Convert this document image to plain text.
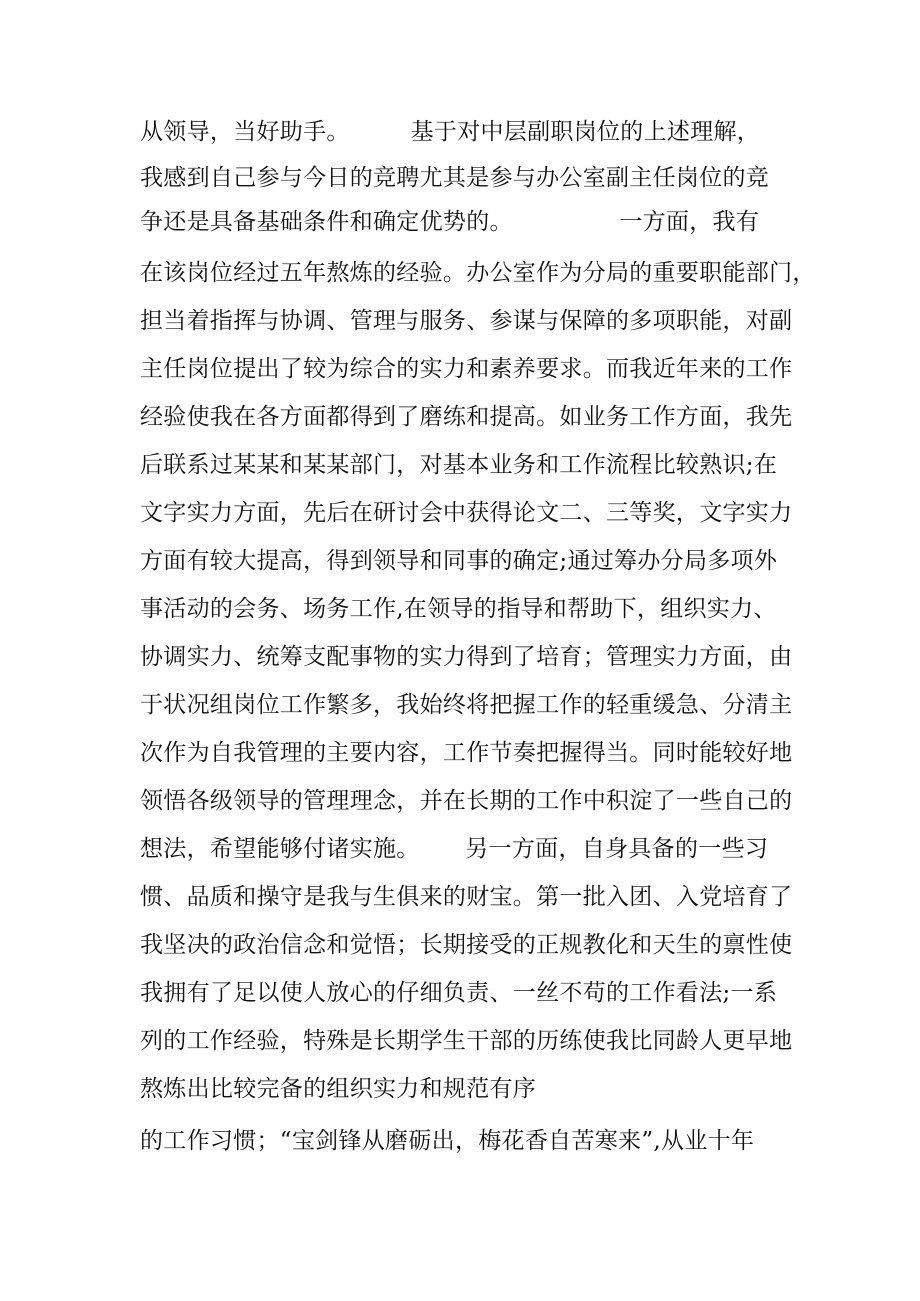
从领导，当好助手。        基于对中层副职岗位的上述理解，
我感到自己参与今日的竞聘尤其是参与办公室副主任岗位的竞
争还是具备基础条件和确定优势的。              一方面，我有
在该岗位经过五年熬炼的经验。办公室作为分局的重要职能部门，
担当着指挥与协调、管理与服务、参谋与保障的多项职能，对副
主任岗位提出了较为综合的实力和素养要求。而我近年来的工作
经验使我在各方面都得到了磨练和提高。如业务工作方面，我先
后联系过某某和某某部门，对基本业务和工作流程比较熟识;在
文字实力方面，先后在研讨会中获得论文二、三等奖，文字实力
方面有较大提高，得到领导和同事的确定;通过筹办分局多项外
事活动的会务、场务工作,在领导的指导和帮助下，组织实力、
协调实力、统筹支配事物的实力得到了培育；管理实力方面，由
于状况组岗位工作繁多，我始终将把握工作的轻重缓急、分清主
次作为自我管理的主要内容，工作节奏把握得当。同时能较好地
领悟各级领导的管理理念，并在长期的工作中积淀了一些自己的
想法，希望能够付诸实施。      另一方面，自身具备的一些习
惯、品质和操守是我与生俱来的财宝。第一批入团、入党培育了
我坚决的政治信念和觉悟；长期接受的正规教化和天生的禀性使
我拥有了足以使人放心的仔细负责、一丝不苟的工作看法;一系
列的工作经验，特殊是长期学生干部的历练使我比同龄人更早地
熬炼出比较完备的组织实力和规范有序
的工作习惯；“宝剑锋从磨砺出，梅花香自苦寒来”,从业十年
